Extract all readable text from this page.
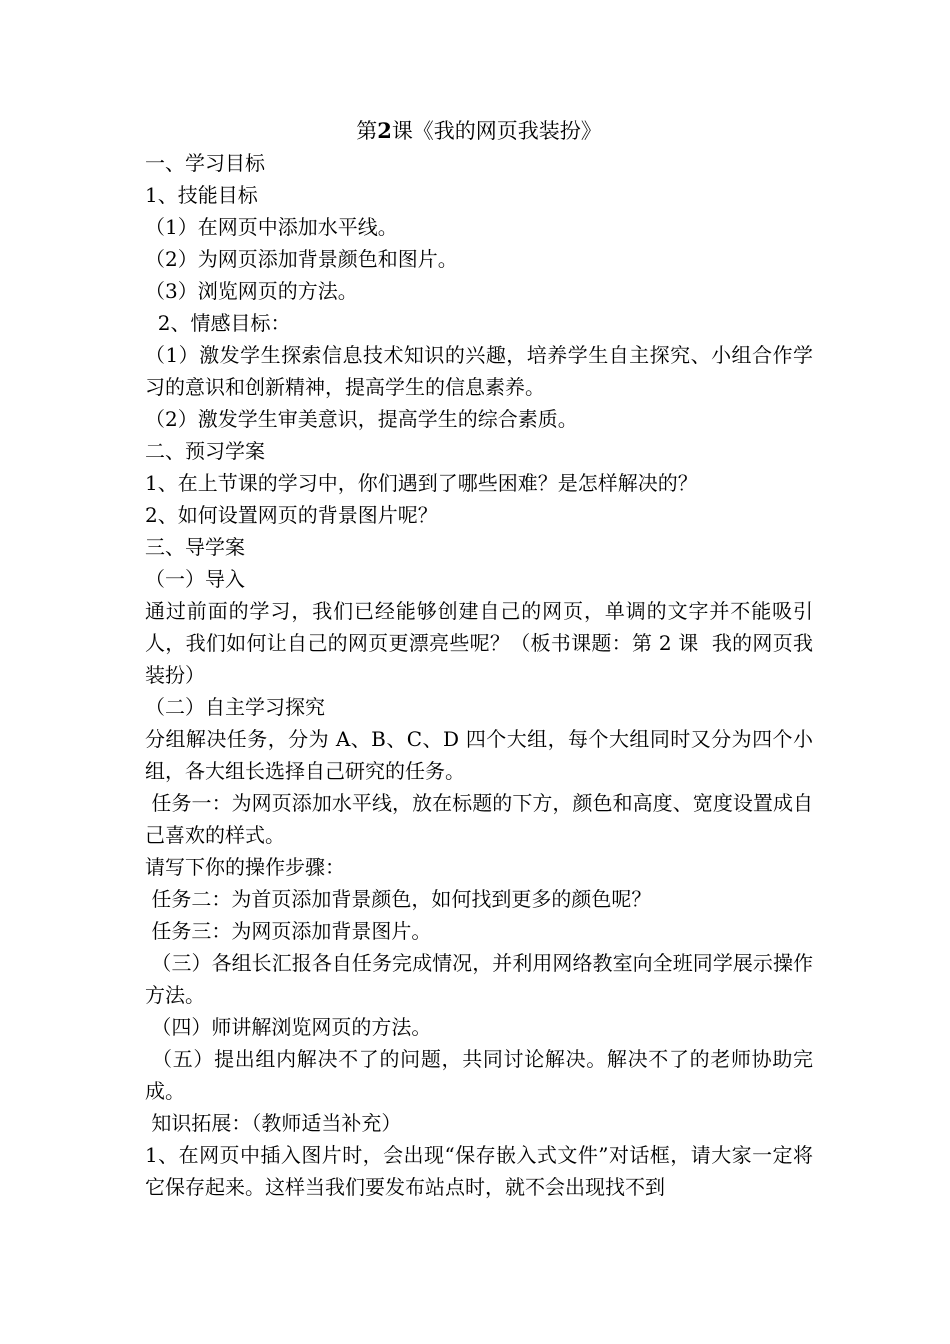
第2课《我的网页我装扮》
一、学习目标
1、技能目标
（1）在网页中添加水平线。
（2）为网页添加背景颜色和图片。
（3）浏览网页的方法。
2、情感目标：
（1）激发学生探索信息技术知识的兴趣，培养学生自主探究、小组合作学习的意识和创新精神，提高学生的信息素养。
（2）激发学生审美意识，提高学生的综合素质。
二、预习学案
1、在上节课的学习中，你们遇到了哪些困难？是怎样解决的？
2、如何设置网页的背景图片呢？
三、导学案
（一）导入
通过前面的学习，我们已经能够创建自己的网页，单调的文字并不能吸引人，我们如何让自己的网页更漂亮些呢？（板书课题：第 2 课  我的网页我装扮）
（二）自主学习探究
分组解决任务，分为 A、B、C、D 四个大组，每个大组同时又分为四个小组，各大组长选择自己研究的任务。
任务一：为网页添加水平线，放在标题的下方，颜色和高度、宽度设置成自己喜欢的样式。
请写下你的操作步骤：
任务二：为首页添加背景颜色，如何找到更多的颜色呢？
任务三：为网页添加背景图片。
（三）各组长汇报各自任务完成情况，并利用网络教室向全班同学展示操作方法。
（四）师讲解浏览网页的方法。
（五）提出组内解决不了的问题，共同讨论解决。解决不了的老师协助完成。
知识拓展：（教师适当补充）
1、在网页中插入图片时，会出现“保存嵌入式文件”对话框，请大家一定将它保存起来。这样当我们要发布站点时，就不会出现找不到
